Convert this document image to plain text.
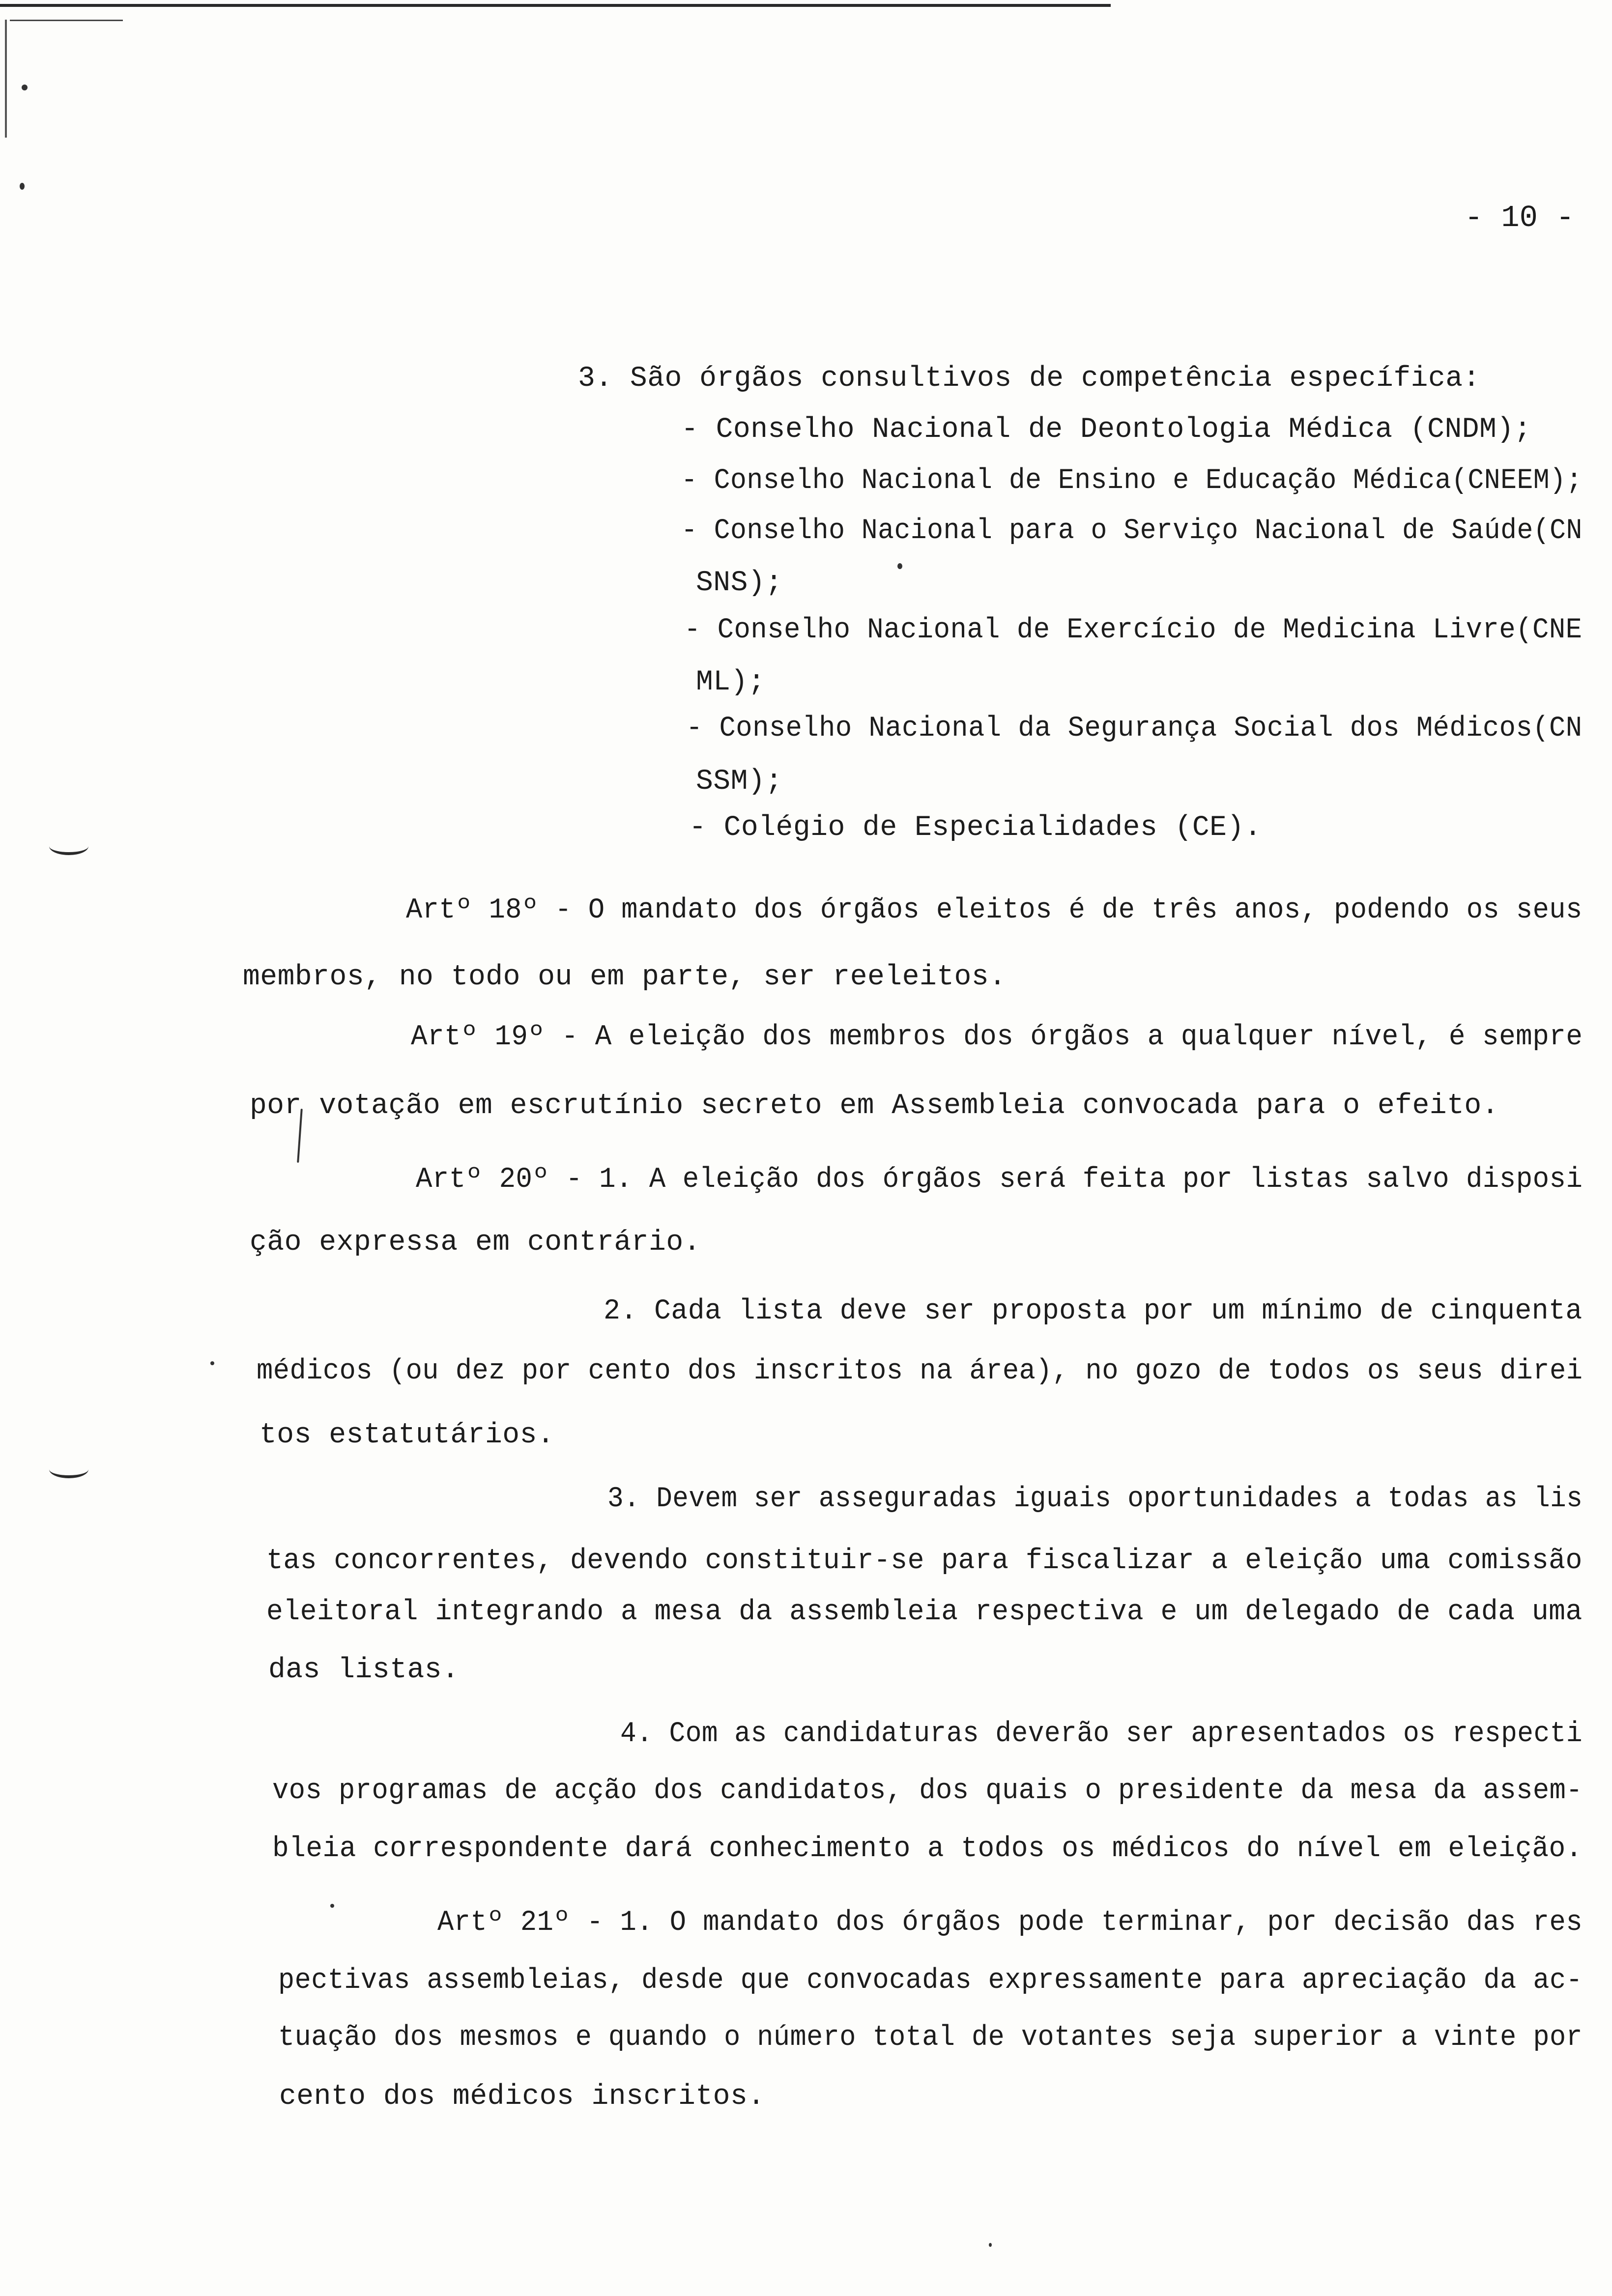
- 10 -
3. São órgãos consultivos de competência específica:
- Conselho Nacional de Deontologia Médica (CNDM);
- Conselho Nacional de Ensino e Educação Médica(CNEEM);
- Conselho Nacional para o Serviço Nacional de Saúde(CN
SNS);
- Conselho Nacional de Exercício de Medicina Livre(CNE
ML);
- Conselho Nacional da Segurança Social dos Médicos(CN
SSM);
- Colégio de Especialidades (CE).
Artº 18º - O mandato dos órgãos eleitos é de três anos, podendo os seus
membros, no todo ou em parte, ser reeleitos.
Artº 19º - A eleição dos membros dos órgãos a qualquer nível, é sempre
por votação em escrutínio secreto em Assembleia convocada para o efeito.
Artº 20º - 1. A eleição dos órgãos será feita por listas salvo disposi
ção expressa em contrário.
2. Cada lista deve ser proposta por um mínimo de cinquenta
médicos (ou dez por cento dos inscritos na área), no gozo de todos os seus direi
tos estatutários.
3. Devem ser asseguradas iguais oportunidades a todas as lis
tas concorrentes, devendo constituir-se para fiscalizar a eleição uma comissão
eleitoral integrando a mesa da assembleia respectiva e um delegado de cada uma
das listas.
4. Com as candidaturas deverão ser apresentados os respecti
vos programas de acção dos candidatos, dos quais o presidente da mesa da assem-
bleia correspondente dará conhecimento a todos os médicos do nível em eleição.
Artº 21º - 1. O mandato dos órgãos pode terminar, por decisão das res
pectivas assembleias, desde que convocadas expressamente para apreciação da ac-
tuação dos mesmos e quando o número total de votantes seja superior a vinte por
cento dos médicos inscritos.
